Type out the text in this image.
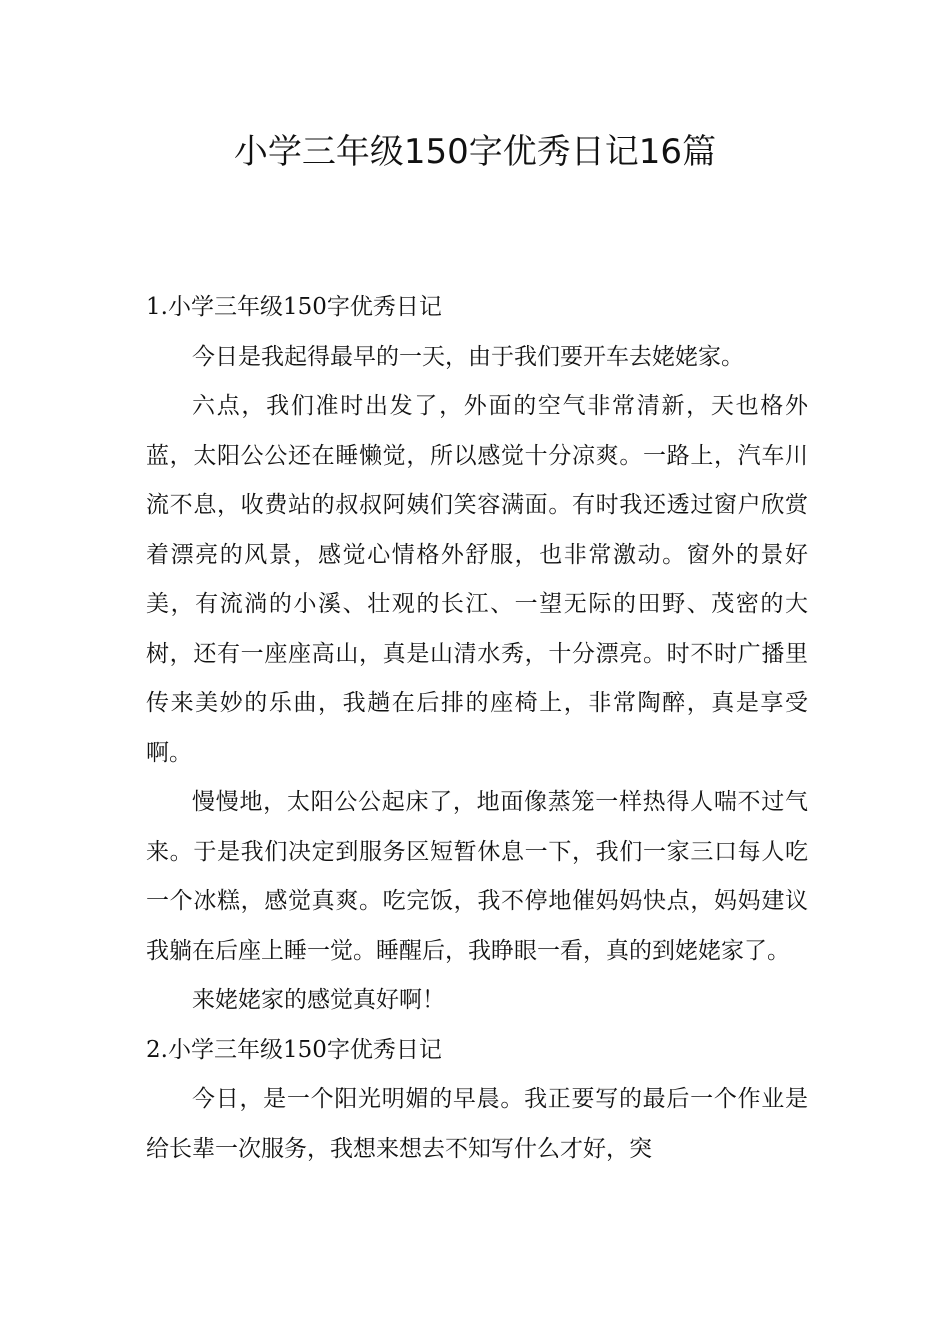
小学三年级150字优秀日记16篇

1.小学三年级150字优秀日记

今日是我起得最早的一天，由于我们要开车去姥姥家。

六点，我们准时出发了，外面的空气非常清新，天也格外蓝，太阳公公还在睡懒觉，所以感觉十分凉爽。一路上，汽车川流不息，收费站的叔叔阿姨们笑容满面。有时我还透过窗户欣赏着漂亮的风景，感觉心情格外舒服，也非常激动。窗外的景好美，有流淌的小溪、壮观的长江、一望无际的田野、茂密的大树，还有一座座高山，真是山清水秀，十分漂亮。时不时广播里传来美妙的乐曲，我趟在后排的座椅上，非常陶醉，真是享受啊。

慢慢地，太阳公公起床了，地面像蒸笼一样热得人喘不过气来。于是我们决定到服务区短暂休息一下，我们一家三口每人吃一个冰糕，感觉真爽。吃完饭，我不停地催妈妈快点，妈妈建议我躺在后座上睡一觉。睡醒后，我睁眼一看，真的到姥姥家了。

来姥姥家的感觉真好啊！

2.小学三年级150字优秀日记

今日，是一个阳光明媚的早晨。我正要写的最后一个作业是给长辈一次服务，我想来想去不知写什么才好，突
